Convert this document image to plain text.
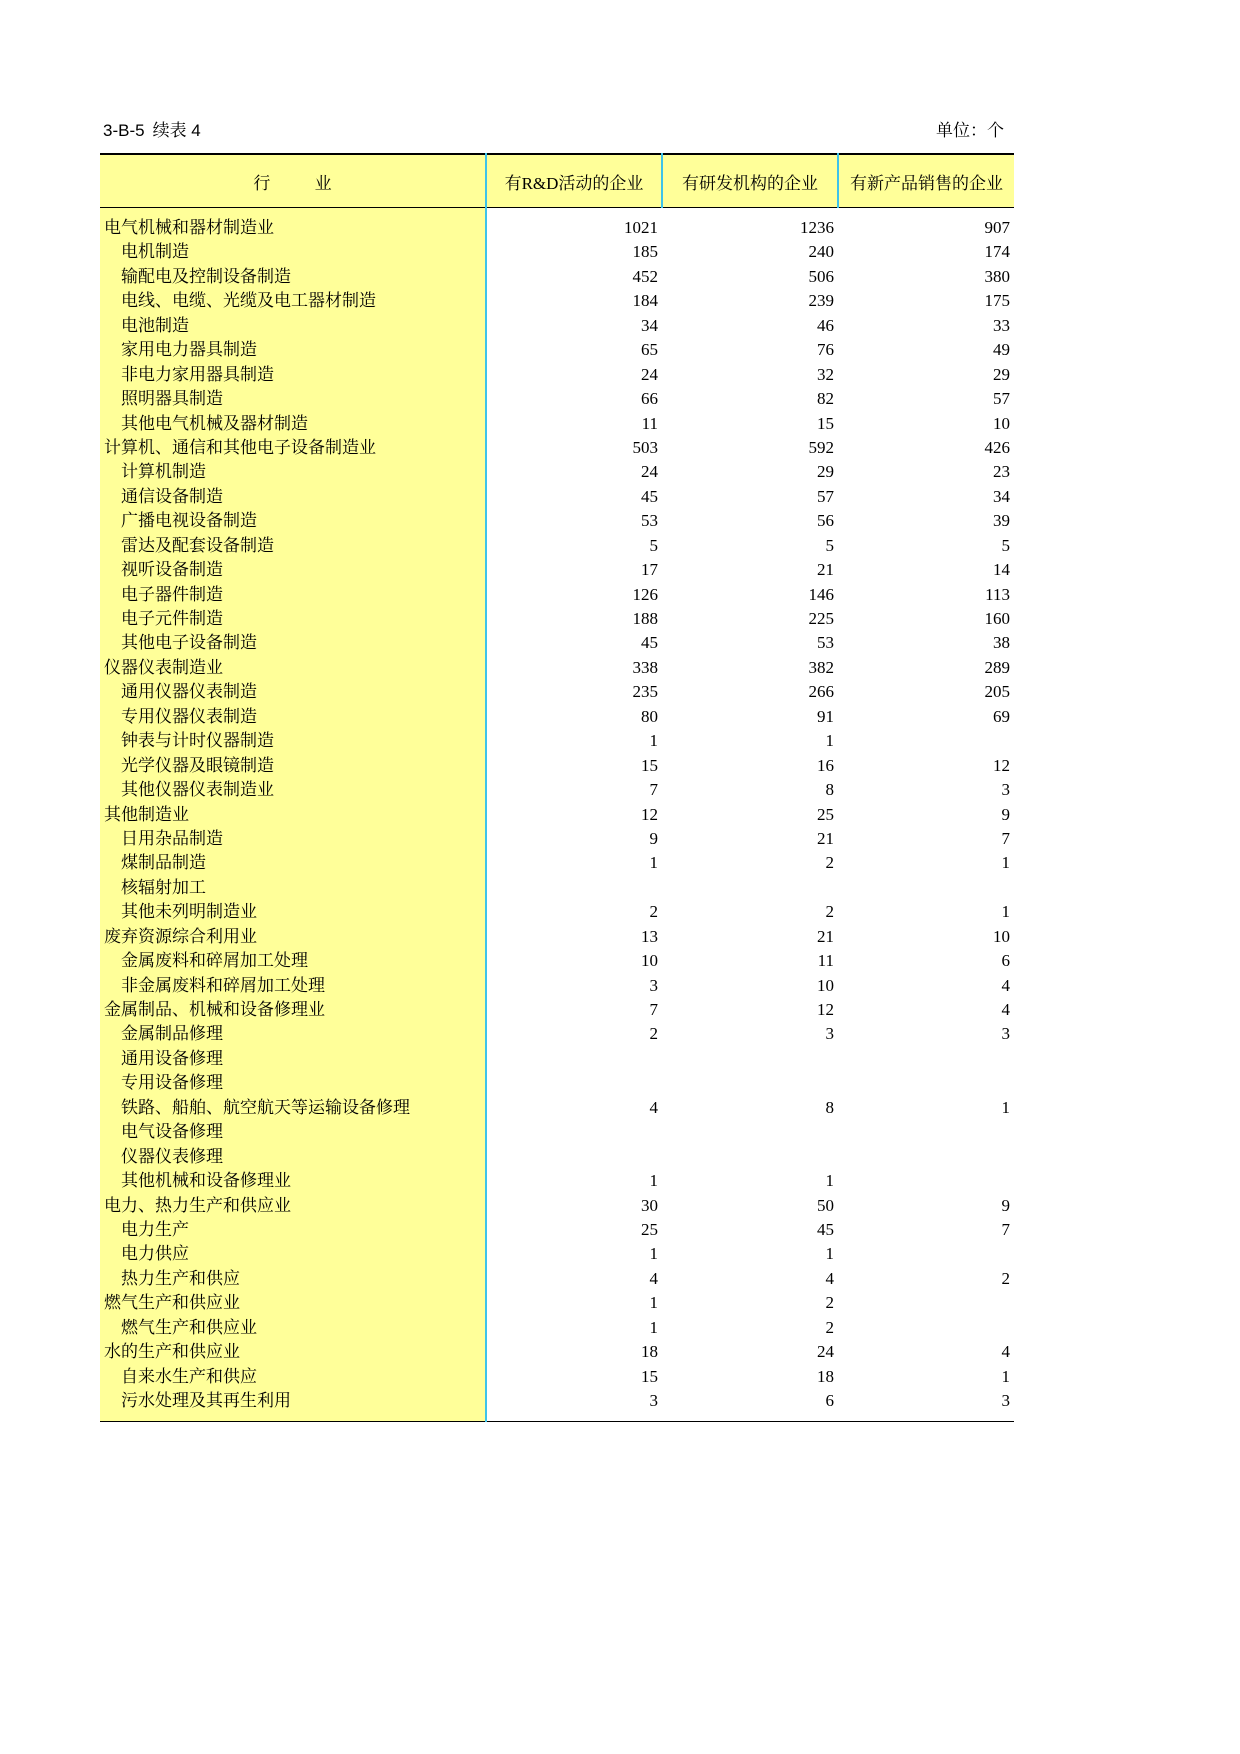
3-B-5 续表 4	单位：个
行 业	有R&D活动的企业	有研发机构的企业	有新产品销售的企业

电气机械和器材制造业	1021	1236	907
电机制造	185	240	174
输配电及控制设备制造	452	506	380
电线、电缆、光缆及电工器材制造	184	239	175
电池制造	34	46	33
家用电力器具制造	65	76	49
非电力家用器具制造	24	32	29
照明器具制造	66	82	57
其他电气机械及器材制造	11	15	10
计算机、通信和其他电子设备制造业	503	592	426
计算机制造	24	29	23
通信设备制造	45	57	34
广播电视设备制造	53	56	39
雷达及配套设备制造	5	5	5
视听设备制造	17	21	14
电子器件制造	126	146	113
电子元件制造	188	225	160
其他电子设备制造	45	53	38
仪器仪表制造业	338	382	289
通用仪器仪表制造	235	266	205
专用仪器仪表制造	80	91	69
钟表与计时仪器制造	1	1	
光学仪器及眼镜制造	15	16	12
其他仪器仪表制造业	7	8	3
其他制造业	12	25	9
日用杂品制造	9	21	7
煤制品制造	1	2	1
核辐射加工			
其他未列明制造业	2	2	1
废弃资源综合利用业	13	21	10
金属废料和碎屑加工处理	10	11	6
非金属废料和碎屑加工处理	3	10	4
金属制品、机械和设备修理业	7	12	4
金属制品修理	2	3	3
通用设备修理			
专用设备修理			
铁路、船舶、航空航天等运输设备修理	4	8	1
电气设备修理			
仪器仪表修理			
其他机械和设备修理业	1	1	
电力、热力生产和供应业	30	50	9
电力生产	25	45	7
电力供应	1	1	
热力生产和供应	4	4	2
燃气生产和供应业	1	2	
燃气生产和供应业	1	2	
水的生产和供应业	18	24	4
自来水生产和供应	15	18	1
污水处理及其再生利用	3	6	3
